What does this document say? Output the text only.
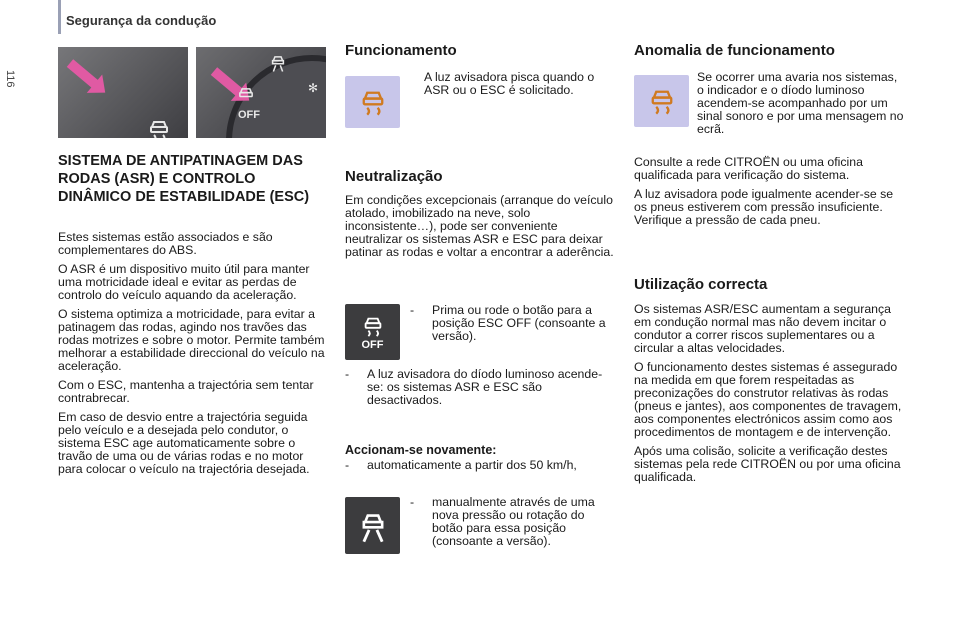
Segurança da condução
116
OFF
✻
SISTEMA DE ANTIPATINAGEM DAS RODAS (ASR) E CONTROLO DINÂMICO DE ESTABILIDADE (ESC)

Estes sistemas estão associados e são complementares do ABS.

O ASR é um dispositivo muito útil para manter uma motricidade ideal e evitar as perdas de controlo do veículo aquando da aceleração.

O sistema optimiza a motricidade, para evitar a patinagem das rodas, agindo nos travões das rodas motrizes e sobre o motor. Permite também melhorar a estabilidade direccional do veículo na aceleração.

Com o ESC, mantenha a trajectória sem tentar contrabrecar.

Em caso de desvio entre a trajectória seguida pelo veículo e a desejada pelo condutor, o sistema ESC age automaticamente sobre o travão de uma ou de várias rodas e no motor para colocar o veículo na trajectória desejada.

Funcionamento
A luz avisadora pisca quando o ASR ou o ESC é solicitado.
Neutralização
Em condições excepcionais (arranque do veículo atolado, imobilizado na neve, solo inconsistente…), pode ser conveniente neutralizar os sistemas ASR e ESC para deixar patinar as rodas e voltar a encontrar a aderência.
OFF
- Prima ou rode o botão para a posição ESC OFF (consoante a versão).
- A luz avisadora do díodo luminoso acende-se: os sistemas ASR e ESC são desactivados.
Accionam-se novamente:
- automaticamente a partir dos 50 km/h,
- manualmente através de uma nova pressão ou rotação do botão para essa posição (consoante a versão).
Anomalia de funcionamento
Se ocorrer uma avaria nos sistemas, o indicador e o díodo luminoso acendem-se acompanhado por um sinal sonoro e por uma mensagem no ecrã.

Consulte a rede CITROËN ou uma oficina qualificada para verificação do sistema.

A luz avisadora pode igualmente acender-se se os pneus estiverem com pressão insuficiente. Verifique a pressão de cada pneu.

Utilização correcta

Os sistemas ASR/ESC aumentam a segurança em condução normal mas não devem incitar o condutor a correr riscos suplementares ou a circular a altas velocidades.

O funcionamento destes sistemas é assegurado na medida em que forem respeitadas as preconizações do construtor relativas às rodas (pneus e jantes), aos componentes de travagem, aos componentes electrónicos assim como aos procedimentos de montagem e de intervenção.

Após uma colisão, solicite a verificação destes sistemas pela rede CITROËN ou por uma oficina qualificada.
